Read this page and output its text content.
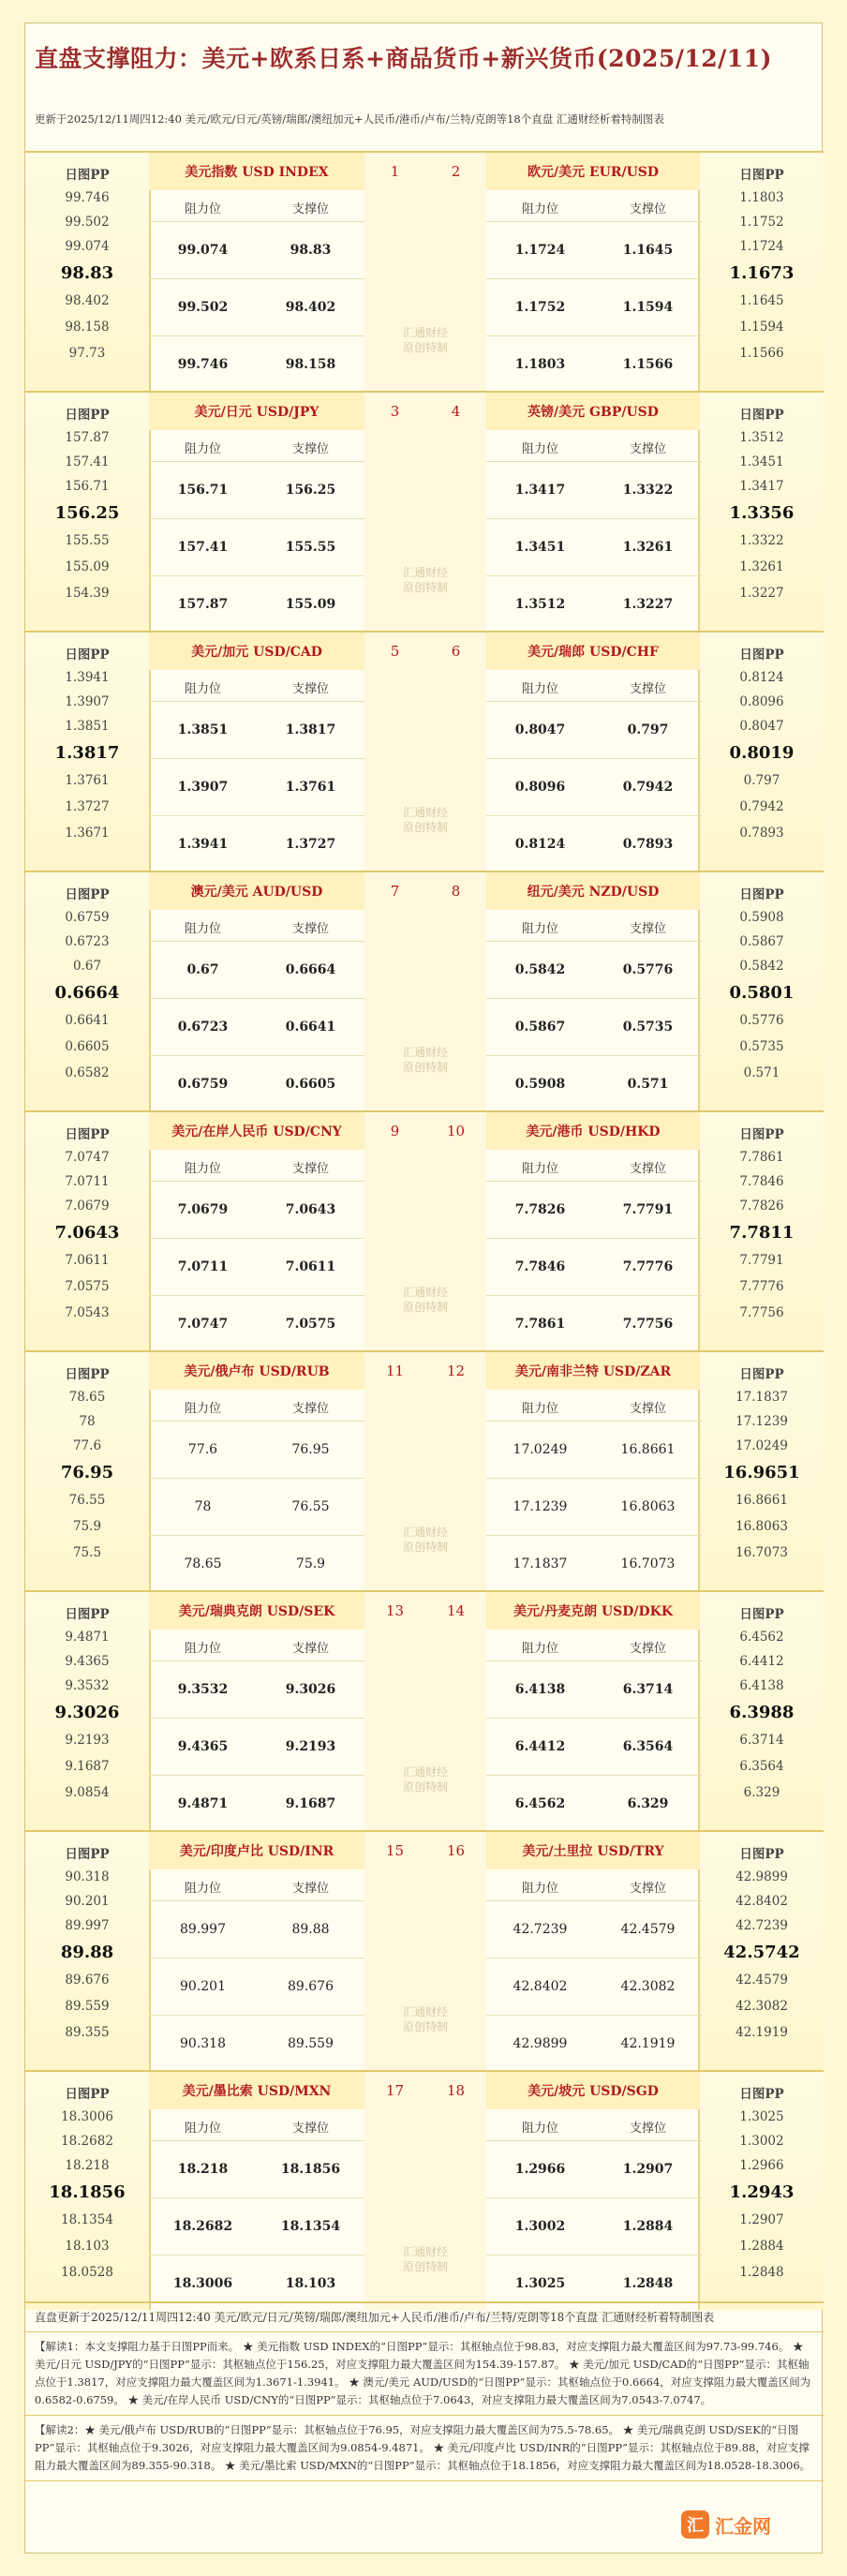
直盘支撑阻力：美元+欧系日系+商品货币+新兴货币(2025/12/11)
更新于2025/12/11周四12:40 美元/欧元/日元/英镑/瑞郎/澳纽加元+人民币/港币/卢布/兰特/克朗等18个直盘 汇通财经析着特制图表
日图PP
99.746
99.502
99.074
98.83
98.402
98.158
97.73
日图PP
1.1803
1.1752
1.1724
1.1673
1.1645
1.1594
1.1566
汇通财经
原创特制
美元指数 USD INDEX	1	2	欧元/美元 EUR/USD
阻力位	支撑位
99.074	98.83
99.502	98.402
99.746	98.158
阻力位	支撑位
1.1724	1.1645
1.1752	1.1594
1.1803	1.1566
日图PP
157.87
157.41
156.71
156.25
155.55
155.09
154.39
日图PP
1.3512
1.3451
1.3417
1.3356
1.3322
1.3261
1.3227
汇通财经
原创特制
美元/日元 USD/JPY	3	4	英镑/美元 GBP/USD
阻力位	支撑位
156.71	156.25
157.41	155.55
157.87	155.09
阻力位	支撑位
1.3417	1.3322
1.3451	1.3261
1.3512	1.3227
日图PP
1.3941
1.3907
1.3851
1.3817
1.3761
1.3727
1.3671
日图PP
0.8124
0.8096
0.8047
0.8019
0.797
0.7942
0.7893
汇通财经
原创特制
美元/加元 USD/CAD	5	6	美元/瑞郎 USD/CHF
阻力位	支撑位
1.3851	1.3817
1.3907	1.3761
1.3941	1.3727
阻力位	支撑位
0.8047	0.797
0.8096	0.7942
0.8124	0.7893
日图PP
0.6759
0.6723
0.67
0.6664
0.6641
0.6605
0.6582
日图PP
0.5908
0.5867
0.5842
0.5801
0.5776
0.5735
0.571
汇通财经
原创特制
澳元/美元 AUD/USD	7	8	纽元/美元 NZD/USD
阻力位	支撑位
0.67	0.6664
0.6723	0.6641
0.6759	0.6605
阻力位	支撑位
0.5842	0.5776
0.5867	0.5735
0.5908	0.571
日图PP
7.0747
7.0711
7.0679
7.0643
7.0611
7.0575
7.0543
日图PP
7.7861
7.7846
7.7826
7.7811
7.7791
7.7776
7.7756
汇通财经
原创特制
美元/在岸人民币 USD/CNY	9	10	美元/港币 USD/HKD
阻力位	支撑位
7.0679	7.0643
7.0711	7.0611
7.0747	7.0575
阻力位	支撑位
7.7826	7.7791
7.7846	7.7776
7.7861	7.7756
日图PP
78.65
78
77.6
76.95
76.55
75.9
75.5
日图PP
17.1837
17.1239
17.0249
16.9651
16.8661
16.8063
16.7073
汇通财经
原创特制
美元/俄卢布 USD/RUB	11	12	美元/南非兰特 USD/ZAR
阻力位	支撑位
77.6	76.95
78	76.55
78.65	75.9
阻力位	支撑位
17.0249	16.8661
17.1239	16.8063
17.1837	16.7073
日图PP
9.4871
9.4365
9.3532
9.3026
9.2193
9.1687
9.0854
日图PP
6.4562
6.4412
6.4138
6.3988
6.3714
6.3564
6.329
汇通财经
原创特制
美元/瑞典克朗 USD/SEK	13	14	美元/丹麦克朗 USD/DKK
阻力位	支撑位
9.3532	9.3026
9.4365	9.2193
9.4871	9.1687
阻力位	支撑位
6.4138	6.3714
6.4412	6.3564
6.4562	6.329
日图PP
90.318
90.201
89.997
89.88
89.676
89.559
89.355
日图PP
42.9899
42.8402
42.7239
42.5742
42.4579
42.3082
42.1919
汇通财经
原创特制
美元/印度卢比 USD/INR	15	16	美元/土里拉 USD/TRY
阻力位	支撑位
89.997	89.88
90.201	89.676
90.318	89.559
阻力位	支撑位
42.7239	42.4579
42.8402	42.3082
42.9899	42.1919
日图PP
18.3006
18.2682
18.218
18.1856
18.1354
18.103
18.0528
日图PP
1.3025
1.3002
1.2966
1.2943
1.2907
1.2884
1.2848
汇通财经
原创特制
美元/墨比索 USD/MXN	17	18	美元/坡元 USD/SGD
阻力位	支撑位
18.218	18.1856
18.2682	18.1354
18.3006	18.103
阻力位	支撑位
1.2966	1.2907
1.3002	1.2884
1.3025	1.2848
直盘更新于2025/12/11周四12:40 美元/欧元/日元/英镑/瑞郎/澳纽加元+人民币/港币/卢布/兰特/克朗等18个直盘 汇通财经析着特制图表
【解读1：本文支撑阻力基于日图PP而来。 ★ 美元指数 USD INDEX的“日图PP”显示：其枢轴点位于98.83，对应支撑阻力最大覆盖区间为97.73-99.746。 ★ 美元/日元 USD/JPY的“日图PP”显示：其枢轴点位于156.25，对应支撑阻力最大覆盖区间为154.39-157.87。 ★ 美元/加元 USD/CAD的“日图PP”显示：其枢轴点位于1.3817，对应支撑阻力最大覆盖区间为1.3671-1.3941。 ★ 澳元/美元 AUD/USD的“日图PP”显示：其枢轴点位于0.6664，对应支撑阻力最大覆盖区间为0.6582-0.6759。 ★ 美元/在岸人民币 USD/CNY的“日图PP”显示：其枢轴点位于7.0643，对应支撑阻力最大覆盖区间为7.0543-7.0747。
【解读2：★ 美元/俄卢布 USD/RUB的“日图PP”显示：其枢轴点位于76.95，对应支撑阻力最大覆盖区间为75.5-78.65。 ★ 美元/瑞典克朗 USD/SEK的“日图PP”显示：其枢轴点位于9.3026，对应支撑阻力最大覆盖区间为9.0854-9.4871。 ★ 美元/印度卢比 USD/INR的“日图PP”显示：其枢轴点位于89.88，对应支撑阻力最大覆盖区间为89.355-90.318。 ★ 美元/墨比索 USD/MXN的“日图PP”显示：其枢轴点位于18.1856，对应支撑阻力最大覆盖区间为18.0528-18.3006。
汇 汇金网
